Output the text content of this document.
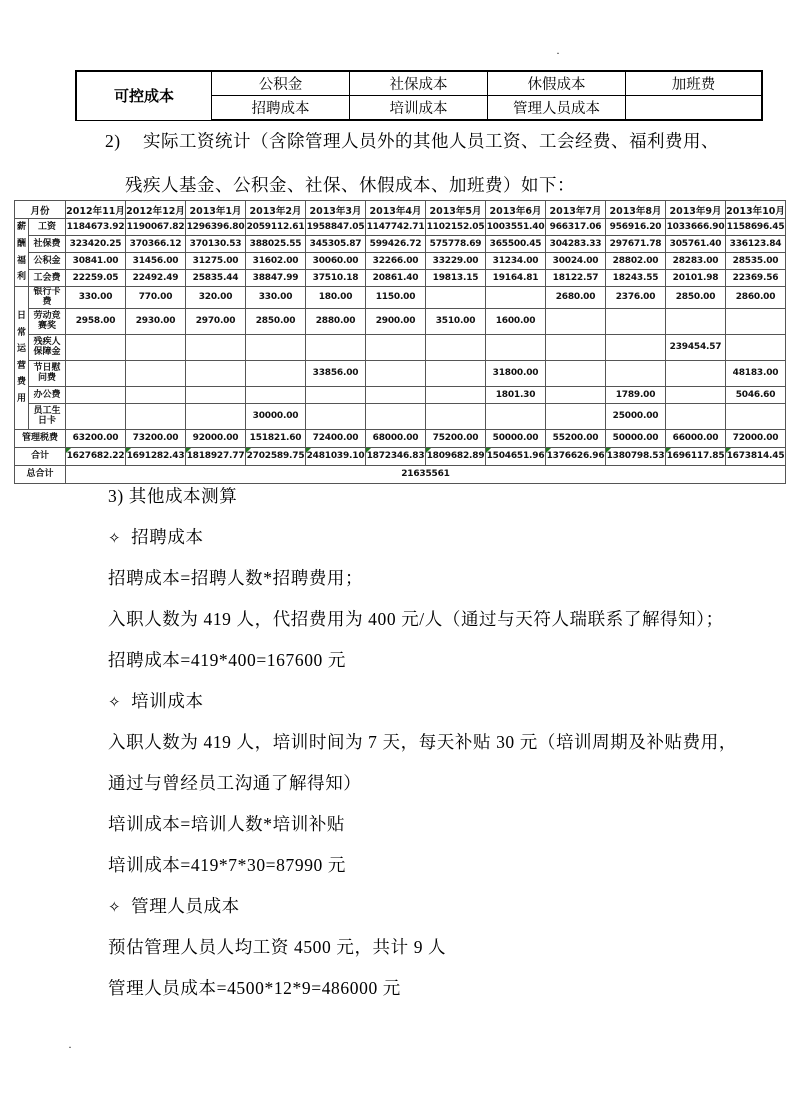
·
·
可控成本	公积金	社保成本	休假成本	加班费
	招聘成本	培训成本	管理人员成本	
2) 实际工资统计（含除管理人员外的其他人员工资、工会经费、福利费用、
残疾人基金、公积金、社保、休假成本、加班费）如下：
月份		2012年11月	2012年12月	2013年1月	2013年2月	2013年3月	2013年4月	2013年5月	2013年6月	2013年7月	2013年8月	2013年9月	2013年10月

薪
酬
福
利	工资	1184673.92	1190067.82	1296396.80	2059112.61	1958847.05	1147742.71	1102152.05	1003551.40	966317.06	956916.20	1033666.90	1158696.45
	社保费	323420.25	370366.12	370130.53	388025.55	345305.87	599426.72	575778.69	365500.45	304283.33	297671.78	305761.40	336123.84
	公积金	30841.00	31456.00	31275.00	31602.00	30060.00	32266.00	33229.00	31234.00	30024.00	28802.00	28283.00	28535.00
	工会费	22259.05	22492.49	25835.44	38847.99	37510.18	20861.40	19813.15	19164.81	18122.57	18243.55	20101.98	22369.56

日
常
运
营
费
用
	银行卡费	330.00	770.00	320.00	330.00	180.00	1150.00			2680.00	2376.00	2850.00	2860.00
	劳动竞赛奖	2958.00	2930.00	2970.00	2850.00	2880.00	2900.00	3510.00	1600.00				
	残疾人保障金											239454.57	
	节日慰问费					33856.00			31800.00				48183.00
	办公费								1801.30		1789.00		5046.60
	员工生日卡				30000.00						25000.00		
管理税费		63200.00	73200.00	92000.00	151821.60	72400.00	68000.00	75200.00	50000.00	55200.00	50000.00	66000.00	72000.00
合计		1627682.22	1691282.43	1818927.77	2702589.75	2481039.10	1872346.83	1809682.89	1504651.96	1376626.96	1380798.53	1696117.85	1673814.45
总合计		21635561											
3) 其他成本测算
✧ 招聘成本
招聘成本=招聘人数*招聘费用；
入职人数为 419 人，代招费用为 400 元/人（通过与天符人瑞联系了解得知）；
招聘成本=419*400=167600 元
✧ 培训成本
入职人数为 419 人，培训时间为 7 天，每天补贴 30 元（培训周期及补贴费用，
通过与曾经员工沟通了解得知）
培训成本=培训人数*培训补贴
培训成本=419*7*30=87990 元
✧ 管理人员成本
预估管理人员人均工资 4500 元，共计 9 人
管理人员成本=4500*12*9=486000 元
